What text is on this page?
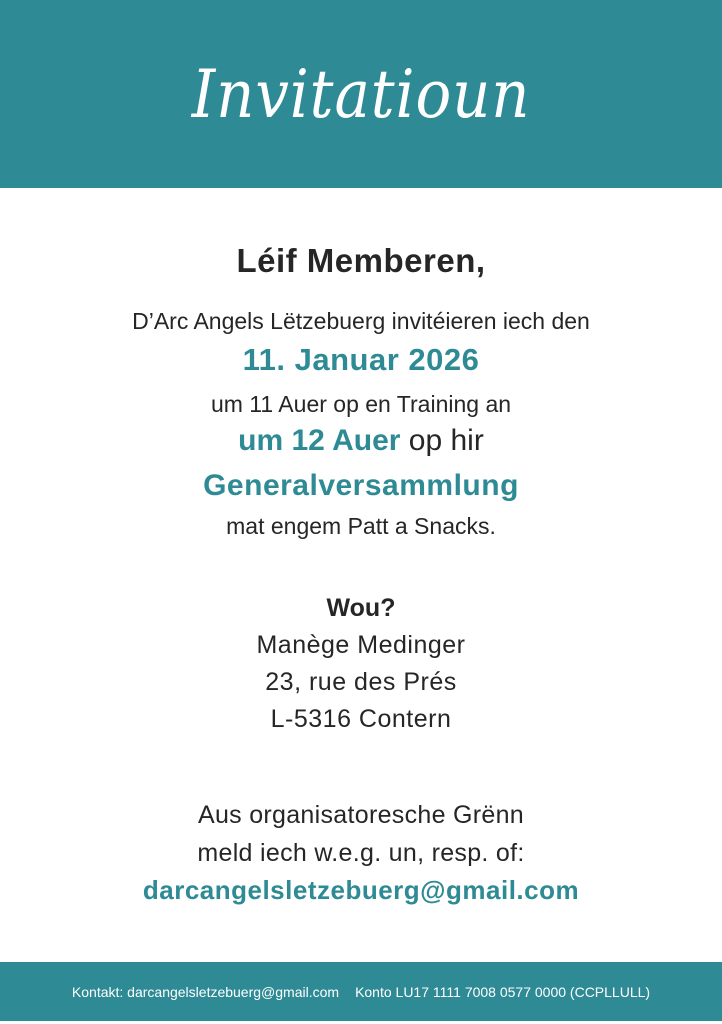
Invitatioun
Léif Memberen,
D’Arc Angels Lëtzebuerg invitéieren iech den
11. Januar 2026
um 11 Auer op en Training an
um 12 Auer op hir
Generalversammlung
mat engem Patt a Snacks.
Wou?
Manège Medinger
23, rue des Prés
L-5316 Contern
Aus organisatoresche Grënn
meld iech w.e.g. un, resp. of:
darcangelsletzebuerg@gmail.com
Kontakt: darcangelsletzebuerg@gmail.com Konto LU17 1111 7008 0577 0000 (CCPLLULL)
